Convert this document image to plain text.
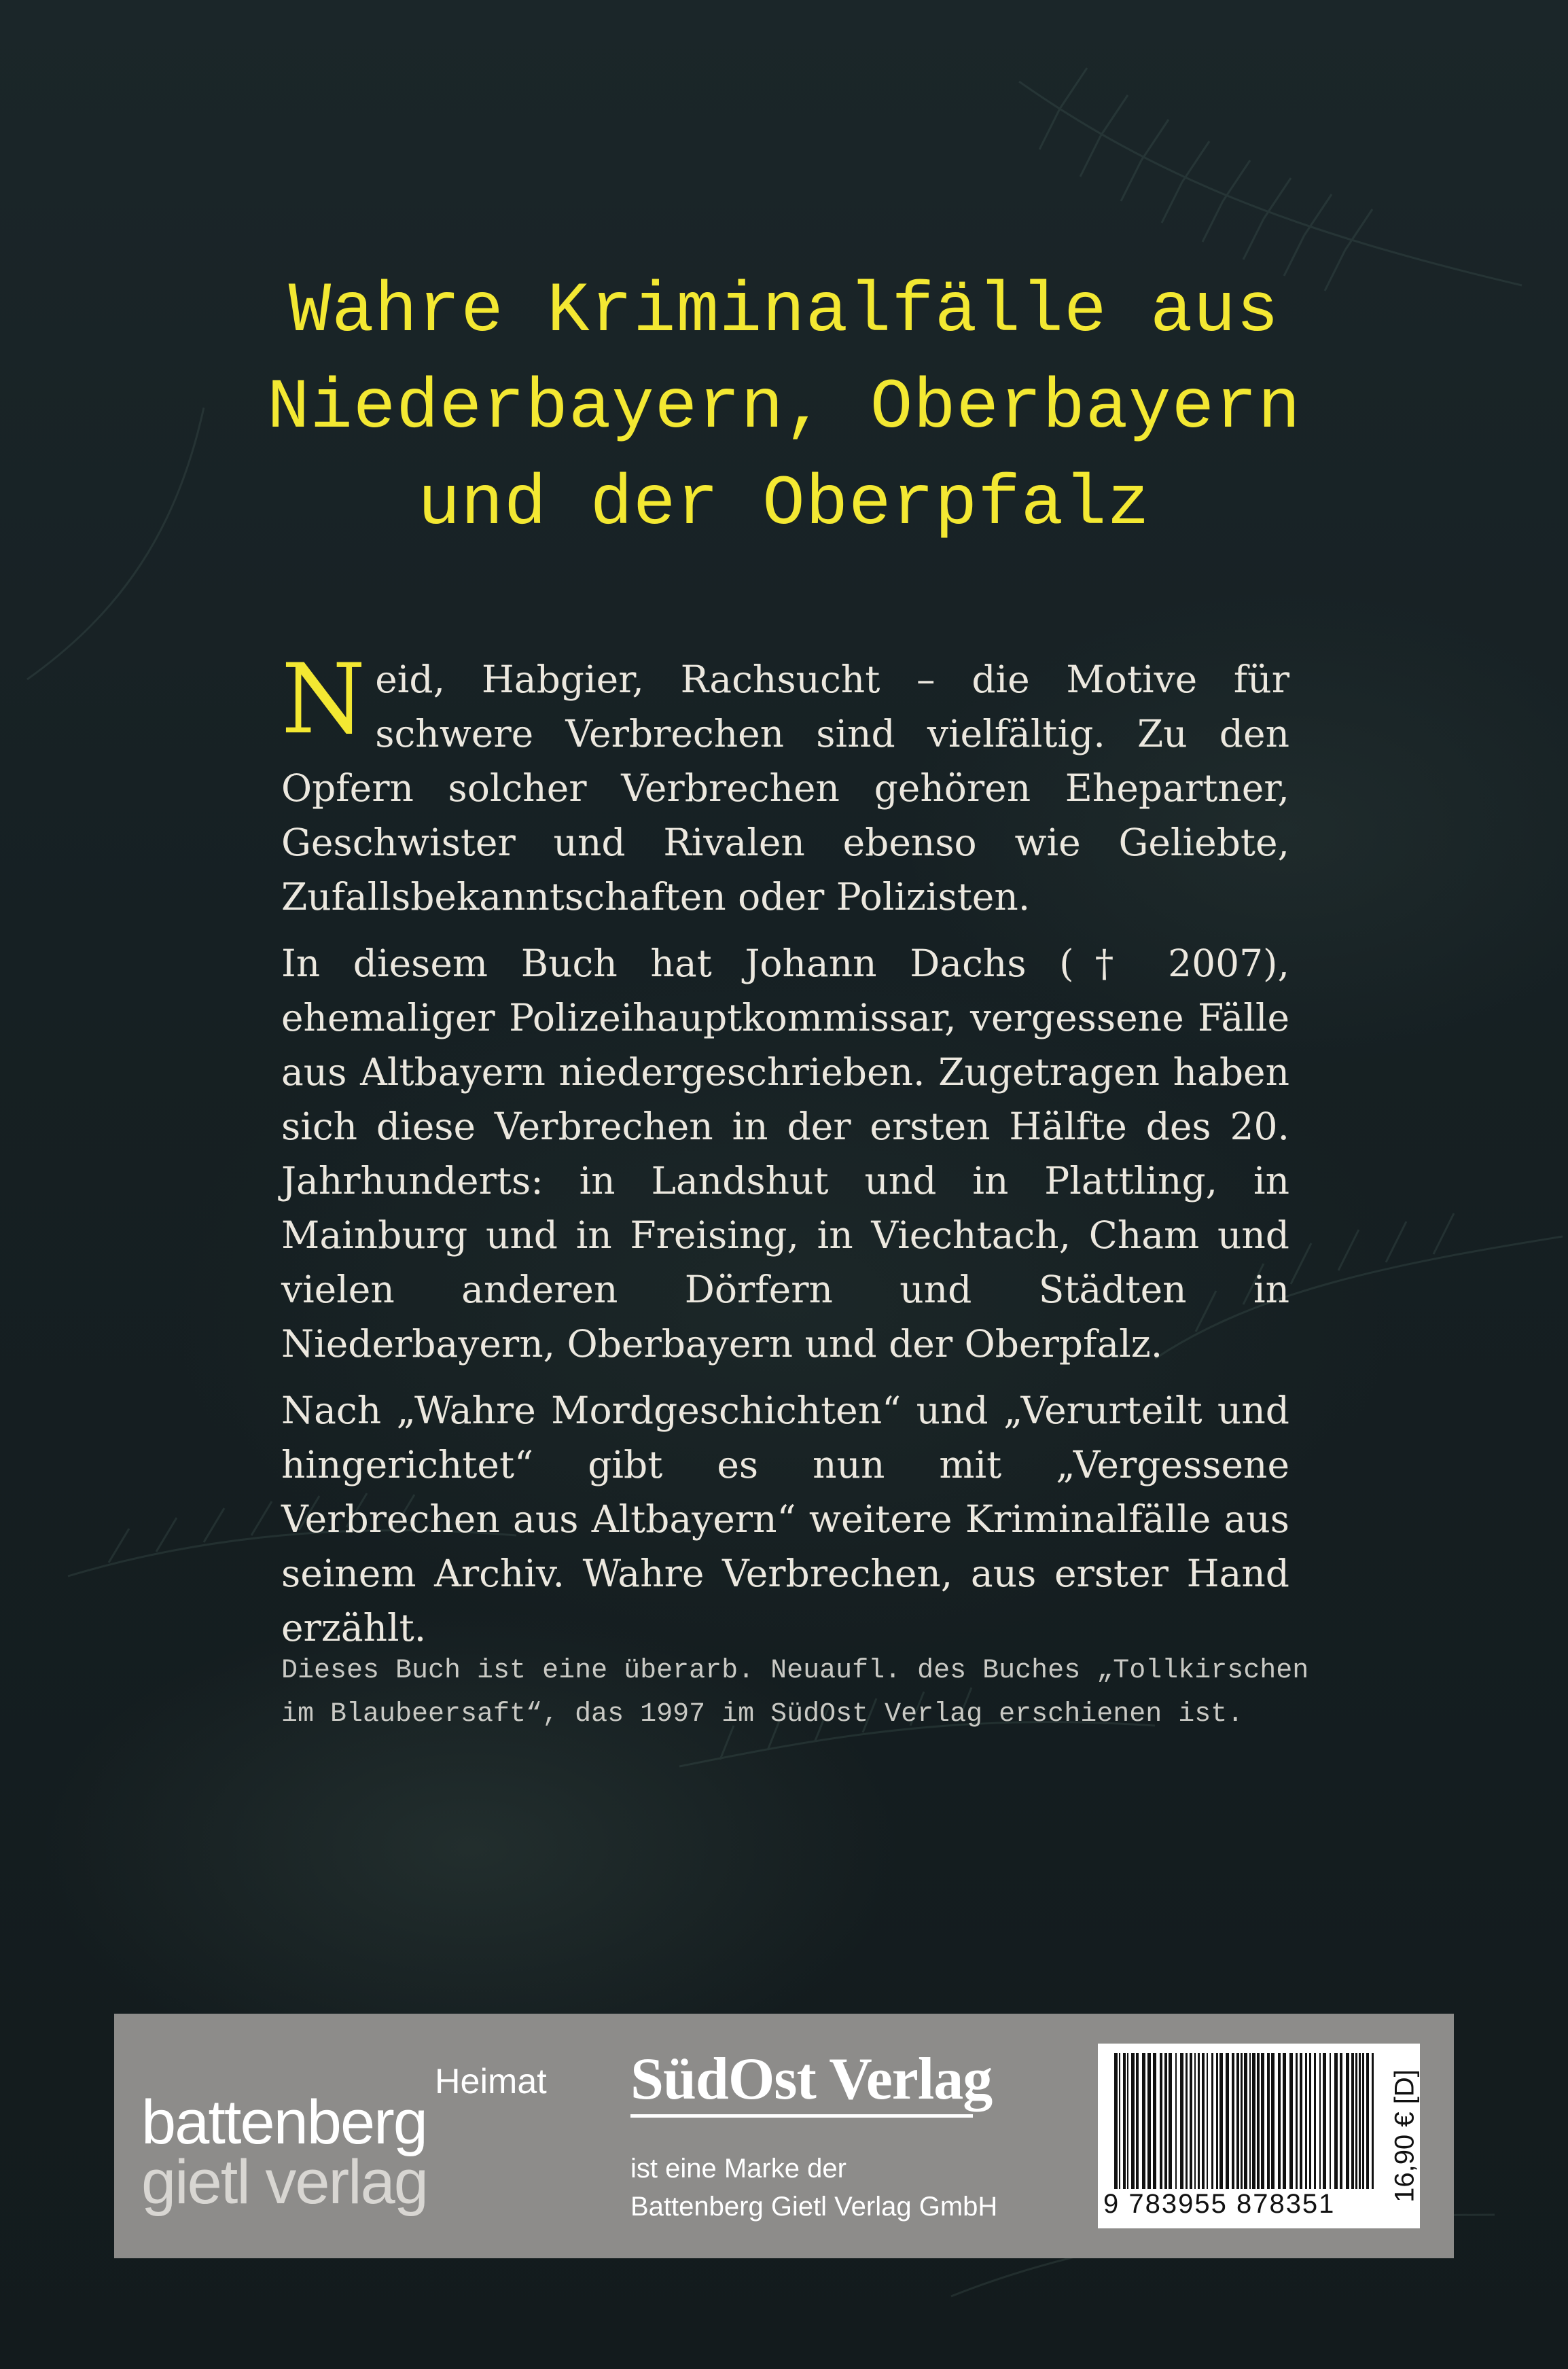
Wahre Kriminalfälle aus
Niederbayern, Oberbayern
und der Oberpfalz

Neid, Habgier, Rachsucht – die Motive für schwere Verbrechen sind vielfältig. Zu den Opfern solcher Verbrechen gehören Ehepartner, Geschwister und Rivalen ebenso wie Geliebte, Zufallsbekanntschaften oder Polizisten.

In diesem Buch hat Johann Dachs († 2007), ehemaliger Polizeihauptkommissar, vergessene Fälle aus Altbayern niedergeschrieben. Zugetragen haben sich diese Verbrechen in der ersten Hälfte des 20. Jahrhunderts: in Landshut und in Plattling, in Mainburg und in Freising, in Viechtach, Cham und vielen anderen Dörfern und Städten in Niederbayern, Oberbayern und der Oberpfalz.

Nach „Wahre Mordgeschichten“ und „Verurteilt und hingerichtet“ gibt es nun mit „Vergessene Verbrechen aus Altbayern“ weitere Kriminalfälle aus seinem Archiv. Wahre Verbrechen, aus erster Hand erzählt.

Dieses Buch ist eine überarb. Neuaufl. des Buches „Tollkirschen
im Blaubeersaft“, das 1997 im SüdOst Verlag erschienen ist.
Heimat
battenberg
gietl verlag
SüdOst Verlag
ist eine Marke der
Battenberg Gietl Verlag GmbH	9 783955 878351
16,90 € [D]
